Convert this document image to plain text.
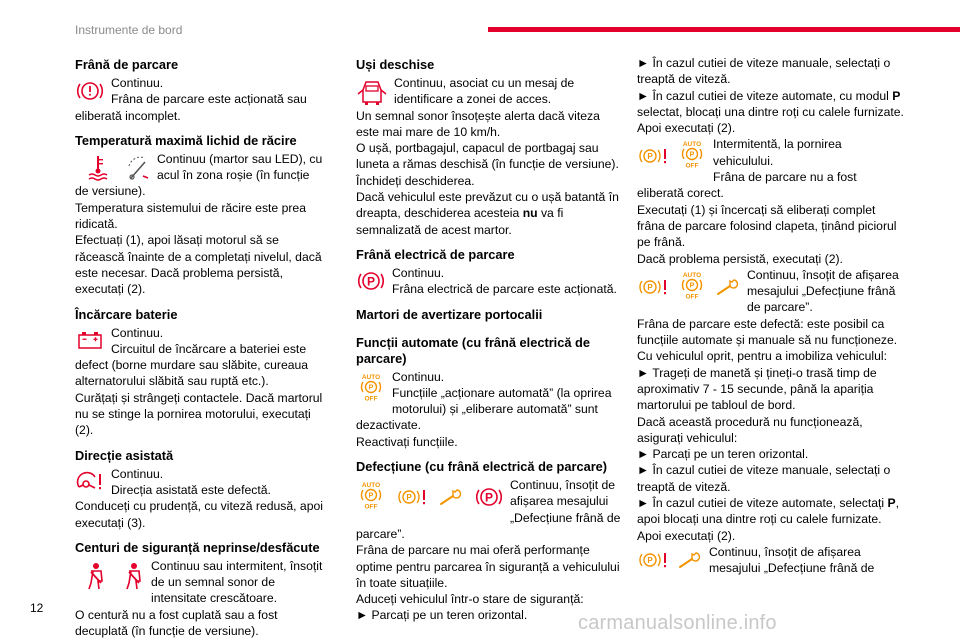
Instrumente de bord
Frână de parcare
Continuu.
Frâna de parcare este acționată sau eliberată incomplet.
Temperatură maximă lichid de răcire
Continuu (martor sau LED), cu acul în zona roșie (în funcție de versiune).
Temperatura sistemului de răcire este prea ridicată.
Efectuați (1), apoi lăsați motorul să se răcească înainte de a completați nivelul, dacă este necesar. Dacă problema persistă, executați (2).
Încărcare baterie
Continuu.
Circuitul de încărcare a bateriei este defect (borne murdare sau slăbite, cureaua alternatorului slăbită sau ruptă etc.).
Curățați și strângeți contactele. Dacă martorul nu se stinge la pornirea motorului, executați (2).
Direcție asistată
Continuu.
Direcția asistată este defectă.
Conduceți cu prudență, cu viteză redusă, apoi executați (3).
Centuri de siguranță neprinse/desfăcute
Continuu sau intermitent, însoțit de un semnal sonor de intensitate crescătoare.
O centură nu a fost cuplată sau a fost decuplată (în funcție de versiune).
Uși deschise
Continuu, asociat cu un mesaj de identificare a zonei de acces.
Un semnal sonor însoțește alerta dacă viteza este mai mare de 10 km/h.
O ușă, portbagajul, capacul de portbagaj sau luneta a rămas deschisă (în funcție de versiune).
Închideți deschiderea.
Dacă vehiculul este prevăzut cu o ușă batantă în dreapta, deschiderea acesteia nu va fi semnalizată de acest martor.
Frână electrică de parcare
P
Continuu.
Frâna electrică de parcare este acționată.
Martori de avertizare portocalii
Funcții automate (cu frână electrică de parcare)
AUTO
P
OFF
Continuu.
Funcțiile „acționare automată” (la oprirea motorului) și „eliberare automată” sunt dezactivate.
Reactivați funcțiile.
Defecțiune (cu frână electrică de parcare)
AUTO
P
OFF
P	P
Continuu, însoțit de afișarea mesajului „Defecțiune frână de parcare”.
Frâna de parcare nu mai oferă performanțe optime pentru parcarea în siguranță a vehiculului în toate situațiile.
Aduceți vehiculul într-o stare de siguranță:
► Parcați pe un teren orizontal.
► În cazul cutiei de viteze manuale, selectați o treaptă de viteză.
► În cazul cutiei de viteze automate, cu modul P selectat, blocați una dintre roți cu calele furnizate.
Apoi executați (2).
P
AUTO
P
OFF
Intermitentă, la pornirea vehiculului.
Frâna de parcare nu a fost eliberată corect.
Executați (1) și încercați să eliberați complet frâna de parcare folosind clapeta, ținând piciorul pe frână.
Dacă problema persistă, executați (2).
P
AUTO
P
OFF
Continuu, însoțit de afișarea mesajului „Defecțiune frână de parcare”.
Frâna de parcare este defectă: este posibil ca funcțiile automate și manuale să nu funcționeze.
Cu vehiculul oprit, pentru a imobiliza vehiculul:
► Trageți de manetă și țineți-o trasă timp de aproximativ 7 - 15 secunde, până la apariția martorului pe tabloul de bord.
Dacă această procedură nu funcționează, asigurați vehiculul:
► Parcați pe un teren orizontal.
► În cazul cutiei de viteze manuale, selectați o treaptă de viteză.
► În cazul cutiei de viteze automate, selectați P, apoi blocați una dintre roți cu calele furnizate.
Apoi executați (2).
P
Continuu, însoțit de afișarea mesajului „Defecțiune frână de
12
carmanualsonline.info
